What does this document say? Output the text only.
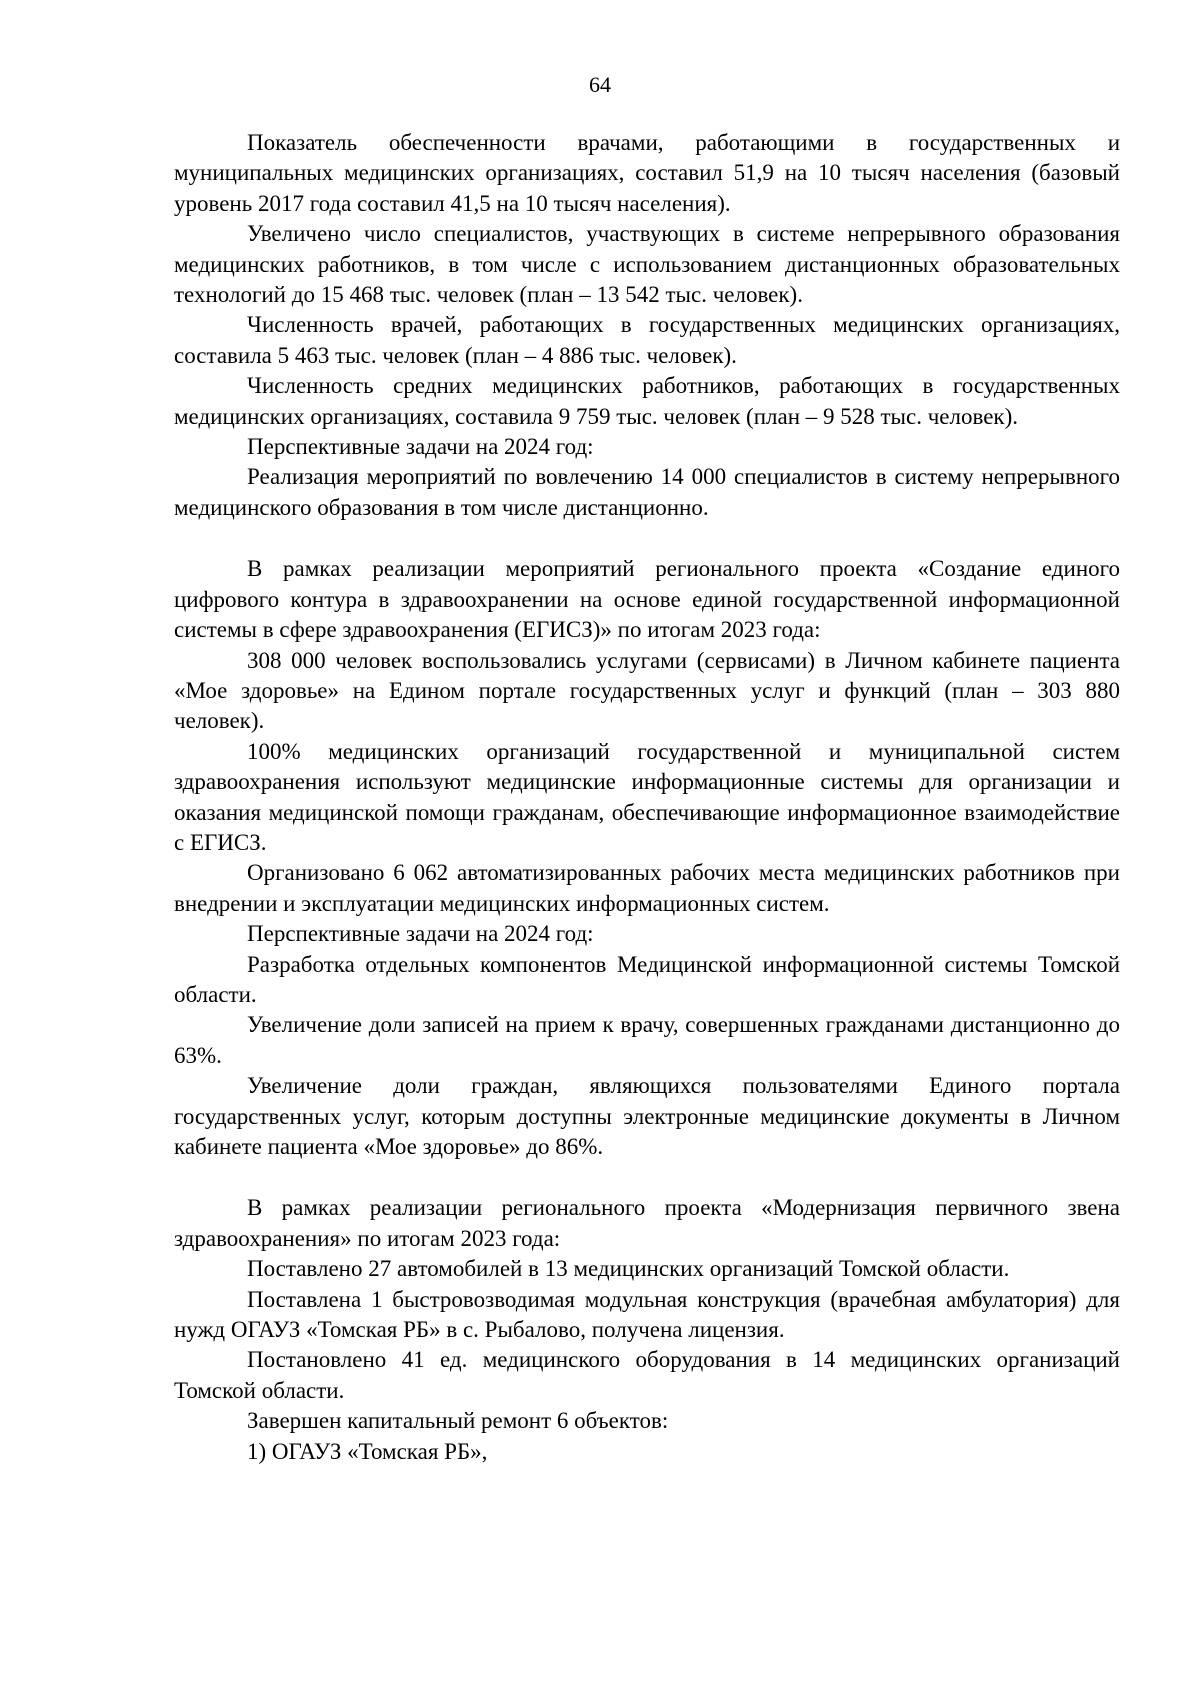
64

Показатель обеспеченности врачами, работающими в государственных и муниципальных медицинских организациях, составил 51,9 на 10 тысяч населения (базовый уровень 2017 года составил 41,5 на 10 тысяч населения).

Увеличено число специалистов, участвующих в системе непрерывного образования медицинских работников, в том числе с использованием дистанционных образовательных технологий до 15 468 тыс. человек (план – 13 542 тыс. человек).

Численность врачей, работающих в государственных медицинских организациях, составила 5 463 тыс. человек (план – 4 886 тыс. человек).

Численность средних медицинских работников, работающих в государственных медицинских организациях, составила 9 759 тыс. человек (план – 9 528 тыс. человек).

Перспективные задачи на 2024 год:

Реализация мероприятий по вовлечению 14 000 специалистов в систему непрерывного медицинского образования в том числе дистанционно.

В рамках реализации мероприятий регионального проекта «Создание единого цифрового контура в здравоохранении на основе единой государственной информационной системы в сфере здравоохранения (ЕГИСЗ)» по итогам 2023 года:

308 000 человек воспользовались услугами (сервисами) в Личном кабинете пациента «Мое здоровье» на Едином портале государственных услуг и функций (план – 303 880 человек).

100% медицинских организаций государственной и муниципальной систем здравоохранения используют медицинские информационные системы для организации и оказания медицинской помощи гражданам, обеспечивающие информационное взаимодействие с ЕГИСЗ.

Организовано 6 062 автоматизированных рабочих места медицинских работников при внедрении и эксплуатации медицинских информационных систем.

Перспективные задачи на 2024 год:

Разработка отдельных компонентов Медицинской информационной системы Томской области.

Увеличение доли записей на прием к врачу, совершенных гражданами дистанционно до 63%.

Увеличение доли граждан, являющихся пользователями Единого портала государственных услуг, которым доступны электронные медицинские документы в Личном кабинете пациента «Мое здоровье» до 86%.

В рамках реализации регионального проекта «Модернизация первичного звена здравоохранения» по итогам 2023 года:

Поставлено 27 автомобилей в 13 медицинских организаций Томской области.

Поставлена 1 быстровозводимая модульная конструкция (врачебная амбулатория) для нужд ОГАУЗ «Томская РБ» в с. Рыбалово, получена лицензия.

Постановлено 41 ед. медицинского оборудования в 14 медицинских организаций Томской области.

Завершен капитальный ремонт 6 объектов:

1) ОГАУЗ «Томская РБ»,
